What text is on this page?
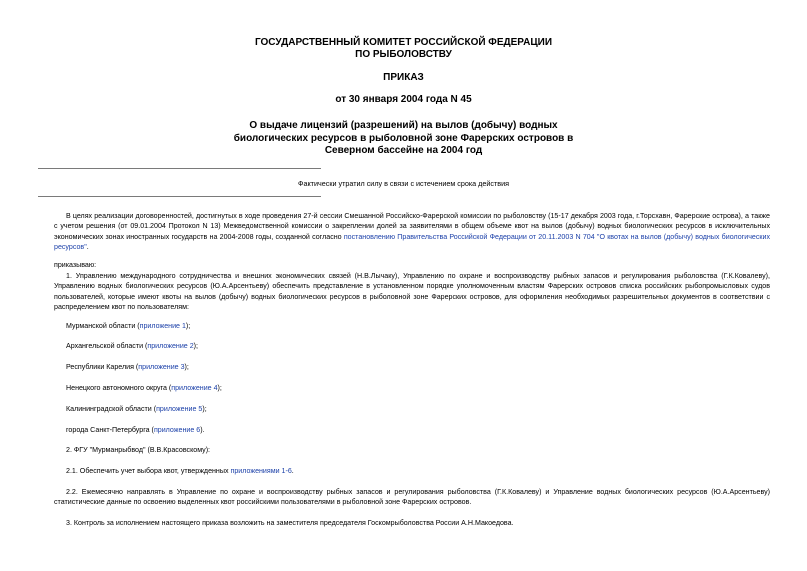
ГОСУДАРСТВЕННЫЙ КОМИТЕТ РОССИЙСКОЙ ФЕДЕРАЦИИ
ПО РЫБОЛОВСТВУ
ПРИКАЗ
от 30 января 2004 года N 45
О выдаче лицензий (разрешений) на вылов (добычу) водных
биологических ресурсов в рыболовной зоне Фарерских островов в
Северном бассейне на 2004 год
Фактически утратил силу в связи с истечением срока действия
В целях реализации договоренностей, достигнутых в ходе проведения 27-й сессии Смешанной Российско-Фарерской комиссии по рыболовству (15-17 декабря 2003 года, г.Торсхавн, Фарерские острова), а также с учетом решения (от 09.01.2004 Протокол N 13) Межведомственной комиссии о закреплении долей за заявителями в общем объеме квот на вылов (добычу) водных биологических ресурсов в исключительных экономических зонах иностранных государств на 2004-2008 годы, созданной согласно постановлению Правительства Российской Федерации от 20.11.2003 N 704 "О квотах на вылов (добычу) водных биологических ресурсов".
приказываю:
1. Управлению международного сотрудничества и внешних экономических связей (Н.В.Лычаку), Управлению по охране и воспроизводству рыбных запасов и регулирования рыболовства (Г.К.Ковалеву), Управлению водных биологических ресурсов (Ю.А.Арсентьеву) обеспечить представление в установленном порядке уполномоченным властям Фарерских островов списка российских рыбопромысловых судов пользователей, которые имеют квоты на вылов (добычу) водных биологических ресурсов в рыболовной зоне Фарерских островов, для оформления необходимых разрешительных документов в соответствии с распределением квот по пользователям:
Мурманской области (приложение 1);
Архангельской области (приложение 2);
Республики Карелия (приложение 3);
Ненецкого автономного округа (приложение 4);
Калининградской области (приложение 5);
города Санкт-Петербурга (приложение 6).
2. ФГУ "Мурманрыбвод" (В.В.Красовскому):
2.1. Обеспечить учет выбора квот, утвержденных приложениями 1-6.
2.2. Ежемесячно направлять в Управление по охране и воспроизводству рыбных запасов и регулирования рыболовства (Г.К.Ковалеву) и Управление водных биологических ресурсов (Ю.А.Арсентьеву) статистические данные по освоению выделенных квот российскими пользователями в рыболовной зоне Фарерских островов.
3. Контроль за исполнением настоящего приказа возложить на заместителя председателя Госкомрыболовства России А.Н.Макоедова.
